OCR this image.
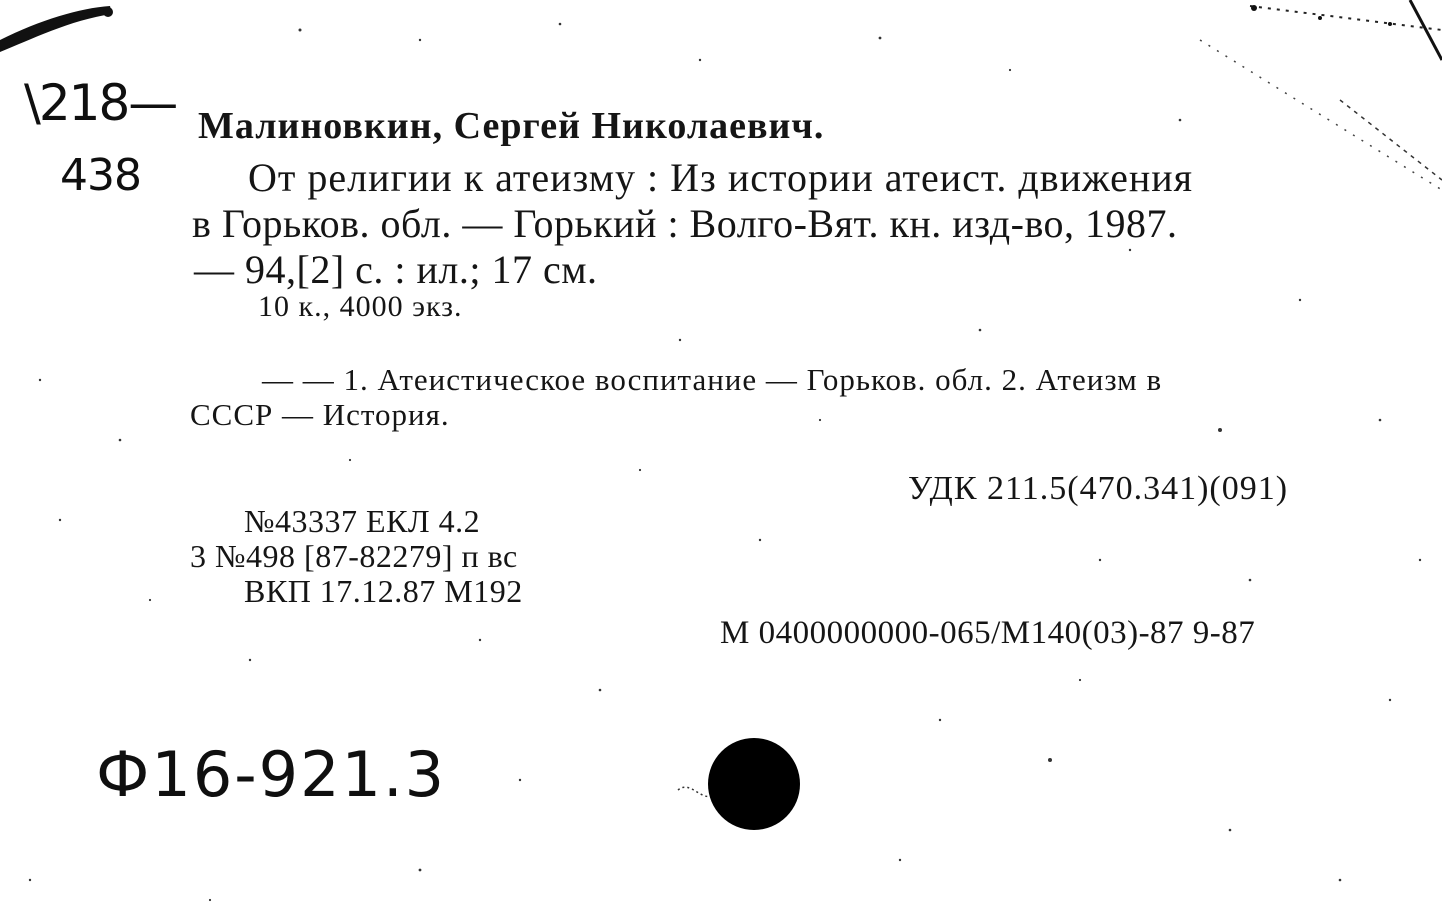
\218—
438
Малиновкин, Сергей Николаевич.
От религии к атеизму : Из истории атеист. движения
в Горьков. обл. — Горький : Волго-Вят. кн. изд-во, 1987.
— 94,[2] с. : ил.; 17 см.
10 к., 4000 экз.
— — 1. Атеистическое воспитание — Горьков. обл. 2. Атеизм в
СССР — История.
УДК 211.5(470.341)(091)
№43337 ЕКЛ 4.2
3 №498 [87-82279] п вс
ВКП 17.12.87 М192
М 0400000000-065/М140(03)-87 9-87
Ф16-921.3
